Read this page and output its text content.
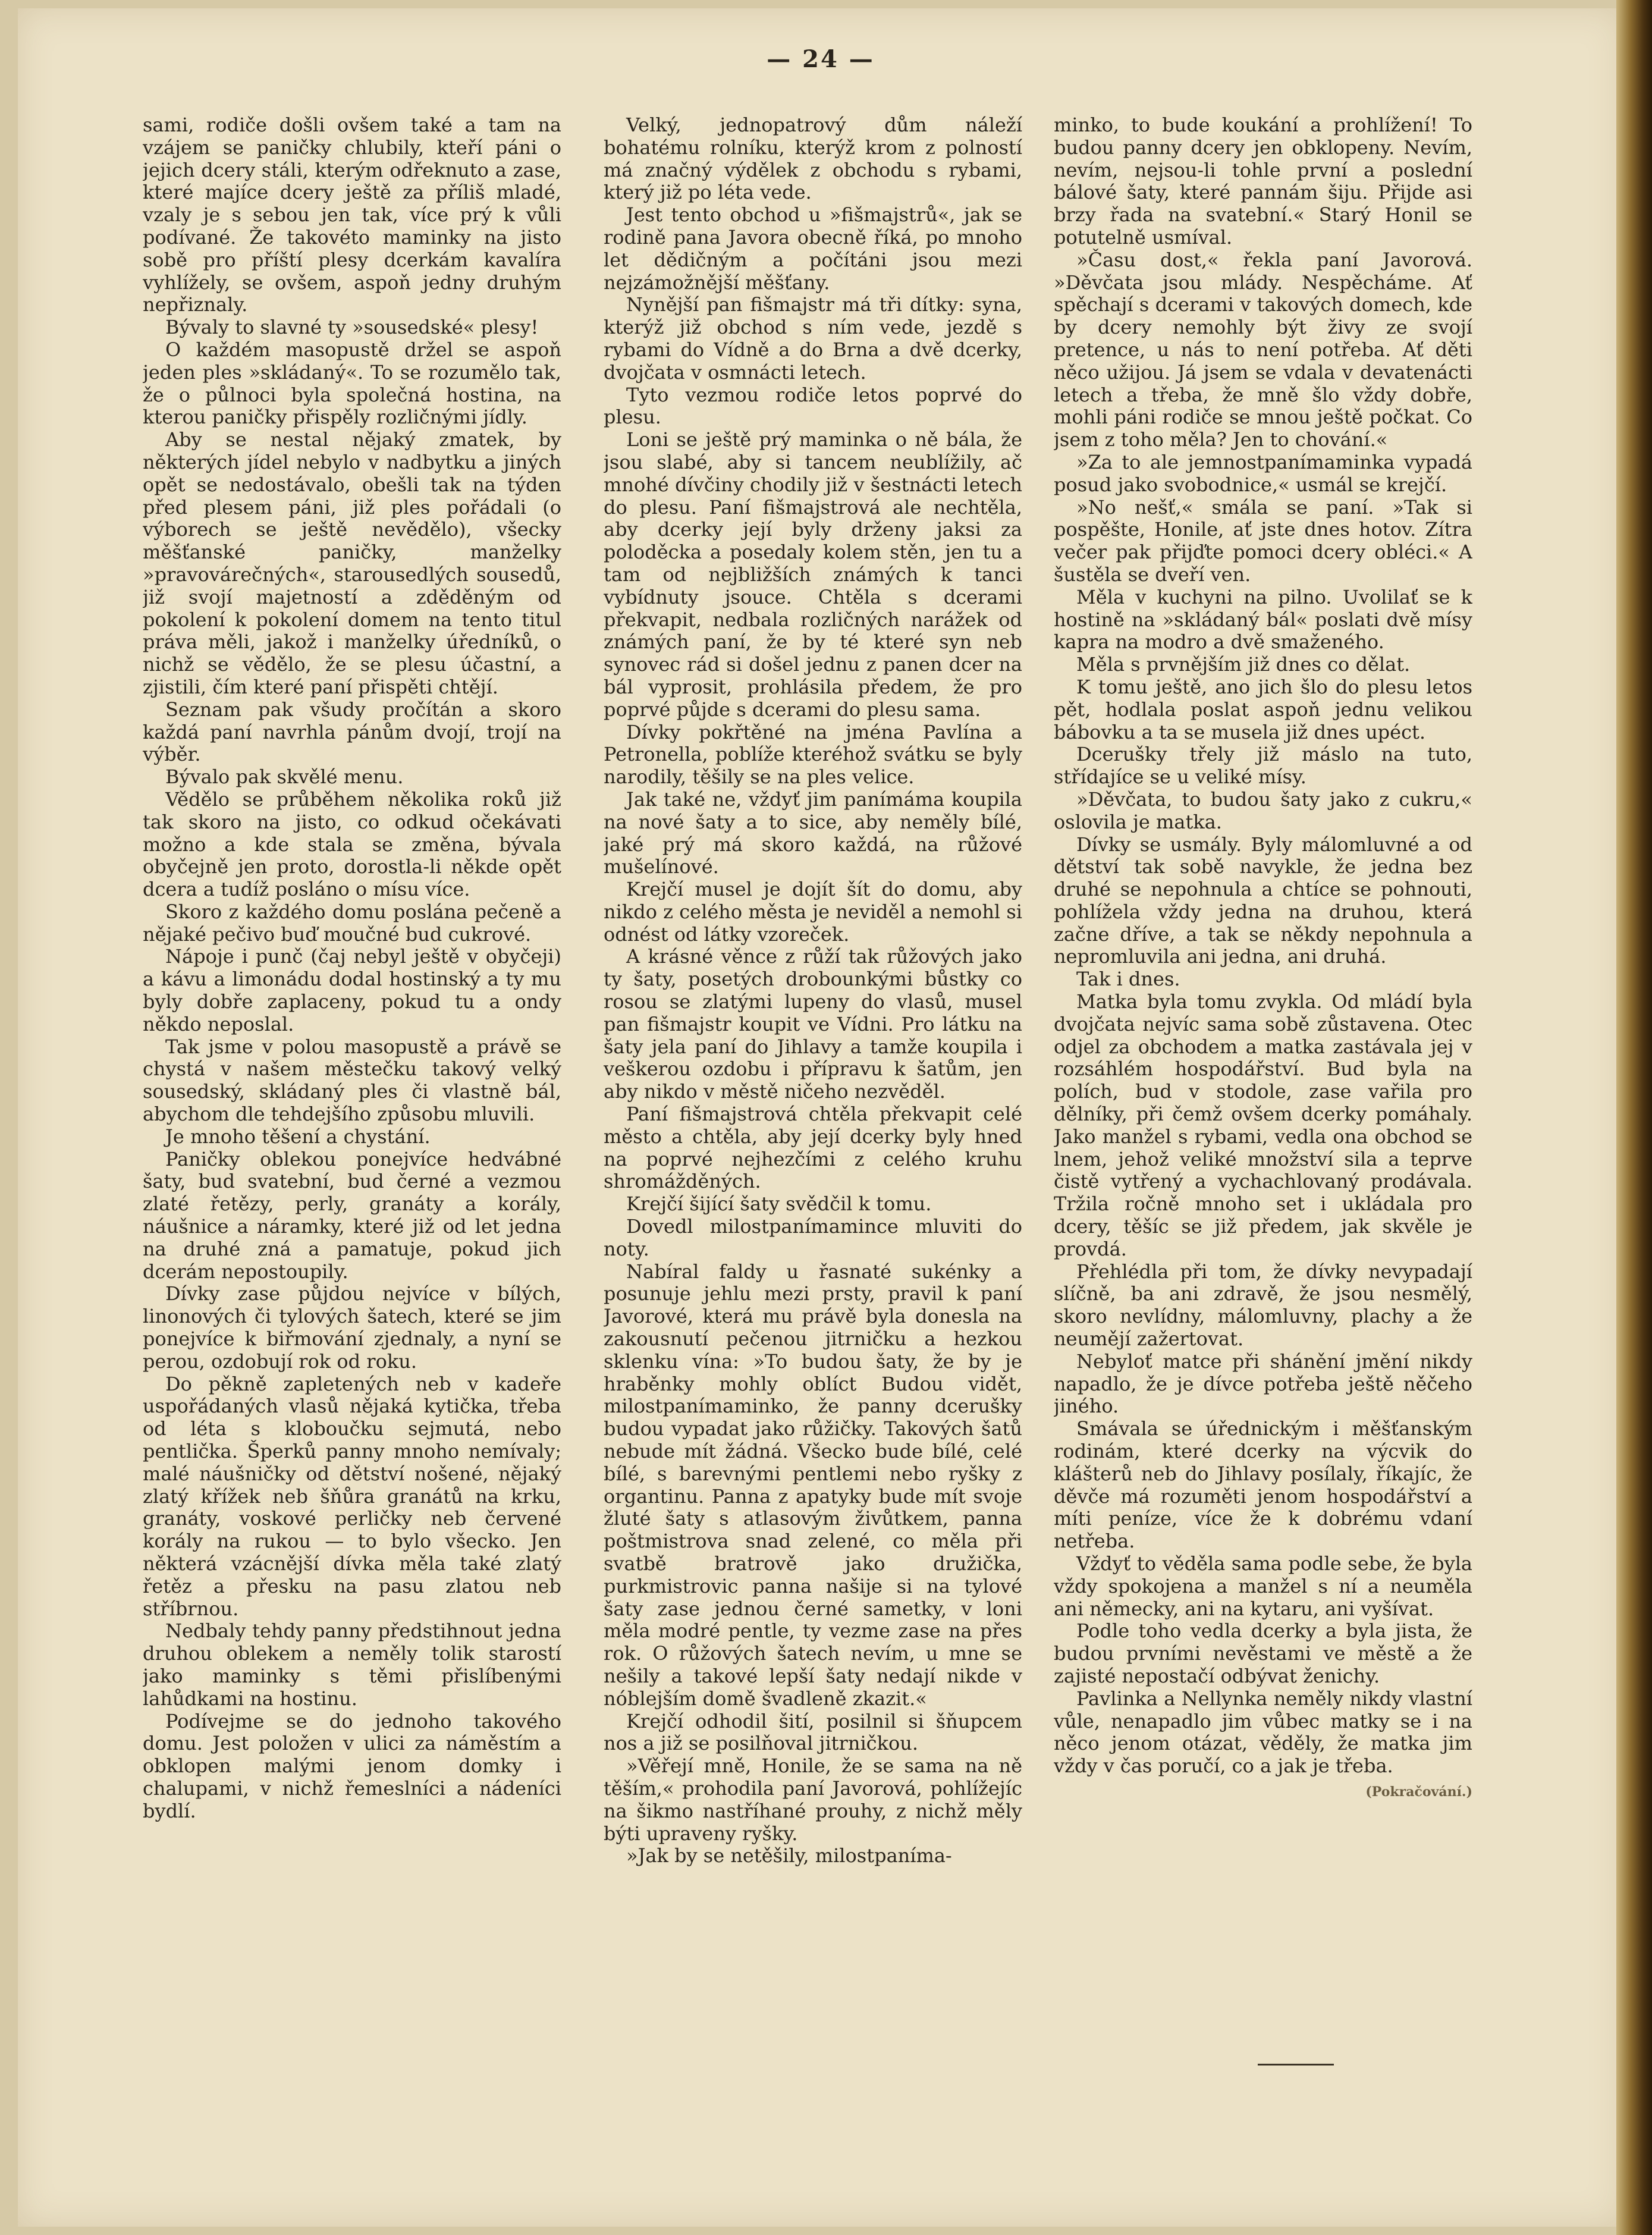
— 24 —

sami, rodiče došli ovšem také a tam na vzájem se paničky chlubily, kteří páni o jejich dcery stáli, kterým odřeknuto a zase, které majíce dcery ještě za příliš mladé, vzaly je s sebou jen tak, více prý k vůli podívané. Že takovéto maminky na jisto sobě pro příští plesy dcerkám kavalíra vyhlížely, se ovšem, aspoň jedny druhým nepřiznaly.

Bývaly to slavné ty »sousedské« plesy!

O každém masopustě držel se aspoň jeden ples »skládaný«. To se rozumělo tak, že o půlnoci byla společná hostina, na kterou paničky přispěly rozličnými jídly.

Aby se nestal nějaký zmatek, by některých jídel nebylo v nadbytku a jiných opět se nedostávalo, obešli tak na týden před plesem páni, již ples pořádali (o výborech se ještě nevědělo), všecky měšťanské paničky, manželky »pravovárečných«, starousedlých sousedů, již svojí majetností a zděděným od pokolení k pokolení domem na tento titul práva měli, jakož i manželky úředníků, o nichž se vědělo, že se plesu účastní, a zjistili, čím které paní přispěti chtějí.

Seznam pak všudy pročítán a skoro každá paní navrhla pánům dvojí, trojí na výběr.

Bývalo pak skvělé menu.

Vědělo se průběhem několika roků již tak skoro na jisto, co odkud očekávati možno a kde stala se změna, bývala obyčejně jen proto, dorostla-li někde opět dcera a tudíž posláno o mísu více.

Skoro z každého domu poslána pečeně a nějaké pečivo buď moučné bud cukrové.

Nápoje i punč (čaj nebyl ještě v obyčeji) a kávu a limonádu dodal hostinský a ty mu byly dobře zaplaceny, pokud tu a ondy někdo neposlal.

Tak jsme v polou masopustě a právě se chystá v našem městečku takový velký sousedský, skládaný ples či vlastně bál, abychom dle tehdejšího způsobu mluvili.

Je mnoho těšení a chystání.

Paničky oblekou ponejvíce hedvábné šaty, bud svatební, bud černé a vezmou zlaté řetězy, perly, granáty a korály, náušnice a náramky, které již od let jedna na druhé zná a pamatuje, pokud jich dcerám nepostoupily.

Dívky zase půjdou nejvíce v bílých, linonových či tylových šatech, které se jim ponejvíce k biřmování zjednaly, a nyní se perou, ozdobují rok od roku.

Do pěkně zapletených neb v kadeře uspořádaných vlasů nějaká kytička, třeba od léta s kloboučku sejmutá, nebo pentlička. Šperků panny mnoho nemívaly; malé náušničky od dětství nošené, nějaký zlatý křížek neb šňůra granátů na krku, granáty, voskové perličky neb červené korály na rukou — to bylo všecko. Jen některá vzácnější dívka měla také zlatý řetěz a přesku na pasu zlatou neb stříbrnou.

Nedbaly tehdy panny předstihnout jedna druhou oblekem a neměly tolik starostí jako maminky s těmi přislíbenými lahůdkami na hostinu.

Podívejme se do jednoho takového domu. Jest položen v ulici za náměstím a obklopen malými jenom domky i chalupami, v nichž řemeslníci a nádeníci bydlí.

Velký, jednopatrový dům náleží bohatému rolníku, kterýž krom z polností má značný výdělek z obchodu s rybami, který již po léta vede.

Jest tento obchod u »fišmajstrů«, jak se rodině pana Javora obecně říká, po mnoho let dědičným a počítáni jsou mezi nejzámožnější měšťany.

Nynější pan fišmajstr má tři dítky: syna, kterýž již obchod s ním vede, jezdě s rybami do Vídně a do Brna a dvě dcerky, dvojčata v osmnácti letech.

Tyto vezmou rodiče letos poprvé do plesu.

Loni se ještě prý maminka o ně bála, že jsou slabé, aby si tancem neublížily, ač mnohé dívčiny chodily již v šestnácti letech do plesu. Paní fišmajstrová ale nechtěla, aby dcerky její byly drženy jaksi za poloděcka a posedaly kolem stěn, jen tu a tam od nejbližších známých k tanci vybídnuty jsouce. Chtěla s dcerami překvapit, nedbala rozličných narážek od známých paní, že by té které syn neb synovec rád si došel jednu z panen dcer na bál vyprosit, prohlásila předem, že pro poprvé půjde s dcerami do plesu sama.

Dívky pokřtěné na jména Pavlína a Petronella, poblíže kteréhož svátku se byly narodily, těšily se na ples velice.

Jak také ne, vždyť jim panímáma koupila na nové šaty a to sice, aby neměly bílé, jaké prý má skoro každá, na růžové mušelínové.

Krejčí musel je dojít šít do domu, aby nikdo z celého města je neviděl a nemohl si odnést od látky vzoreček.

A krásné věnce z růží tak růžových jako ty šaty, posetých drobounkými bůstky co rosou se zlatými lupeny do vlasů, musel pan fišmajstr koupit ve Vídni. Pro látku na šaty jela paní do Jihlavy a tamže koupila i veškerou ozdobu i přípravu k šatům, jen aby nikdo v městě ničeho nezvěděl.

Paní fišmajstrová chtěla překvapit celé město a chtěla, aby její dcerky byly hned na poprvé nejhezčími z celého kruhu shromážděných.

Krejčí šijící šaty svědčil k tomu.

Dovedl milostpanímamince mluviti do noty.

Nabíral faldy u řasnaté sukénky a posunuje jehlu mezi prsty, pravil k paní Javorové, která mu právě byla donesla na zakousnutí pečenou jitrničku a hezkou sklenku vína: »To budou šaty, že by je hraběnky mohly oblíct Budou vidět, milostpanímaminko, že panny dcerušky budou vypadat jako růžičky. Takových šatů nebude mít žádná. Všecko bude bílé, celé bílé, s barevnými pentlemi nebo ryšky z organtinu. Panna z apatyky bude mít svoje žluté šaty s atlasovým živůtkem, panna poštmistrova snad zelené, co měla při svatbě bratrově jako družička, purkmistrovic panna našije si na tylové šaty zase jednou černé sametky, v loni měla modré pentle, ty vezme zase na přes rok. O růžových šatech nevím, u mne se nešily a takové lepší šaty nedají nikde v nóblejším domě švadleně zkazit.«

Krejčí odhodil šití, posilnil si šňupcem nos a již se posilňoval jitrničkou.

»Věřejí mně, Honile, že se sama na ně těším,« prohodila paní Javorová, pohlížejíc na šikmo nastříhané prouhy, z nichž měly býti upraveny ryšky.

»Jak by se netěšily, milostpaníma-

minko, to bude koukání a prohlížení! To budou panny dcery jen obklopeny. Nevím, nevím, nejsou-li tohle první a poslední bálové šaty, které pannám šiju. Přijde asi brzy řada na svatební.« Starý Honil se potutelně usmíval.

»Času dost,« řekla paní Javorová. »Děvčata jsou mlády. Nespěcháme. Ať spěchají s dcerami v takových domech, kde by dcery nemohly být živy ze svojí pretence, u nás to není potřeba. Ať děti něco užijou. Já jsem se vdala v devatenácti letech a třeba, že mně šlo vždy dobře, mohli páni rodiče se mnou ještě počkat. Co jsem z toho měla? Jen to chování.«

»Za to ale jemnostpanímaminka vypadá posud jako svobodnice,« usmál se krejčí.

»No nešť,« smála se paní. »Tak si pospěšte, Honile, ať jste dnes hotov. Zítra večer pak přijďte pomoci dcery obléci.« A šustěla se dveří ven.

Měla v kuchyni na pilno. Uvolilať se k hostině na »skládaný bál« poslati dvě mísy kapra na modro a dvě smaženého.

Měla s prvnějším již dnes co dělat.

K tomu ještě, ano jich šlo do plesu letos pět, hodlala poslat aspoň jednu velikou bábovku a ta se musela již dnes upéct.

Dcerušky třely již máslo na tuto, střídajíce se u veliké mísy.

»Děvčata, to budou šaty jako z cukru,« oslovila je matka.

Dívky se usmály. Byly málomluvné a od dětství tak sobě navykle, že jedna bez druhé se nepohnula a chtíce se pohnouti, pohlížela vždy jedna na druhou, která začne dříve, a tak se někdy nepohnula a nepromluvila ani jedna, ani druhá.

Tak i dnes.

Matka byla tomu zvykla. Od mládí byla dvojčata nejvíc sama sobě zůstavena. Otec odjel za obchodem a matka zastávala jej v rozsáhlém hospodářství. Bud byla na polích, bud v stodole, zase vařila pro dělníky, při čemž ovšem dcerky pomáhaly. Jako manžel s rybami, vedla ona obchod se lnem, jehož veliké množství sila a teprve čistě vytřený a vychachlovaný prodávala. Tržila ročně mnoho set i ukládala pro dcery, těšíc se již předem, jak skvěle je provdá.

Přehlédla při tom, že dívky nevypadají slíčně, ba ani zdravě, že jsou nesmělý, skoro nevlídny, málomluvny, plachy a že neumějí zažertovat.

Nebyloť matce při shánění jmění nikdy napadlo, že je dívce potřeba ještě něčeho jiného.

Smávala se úřednickým i měšťanským rodinám, které dcerky na výcvik do klášterů neb do Jihlavy posílaly, říkajíc, že děvče má rozuměti jenom hospodářství a míti peníze, více že k dobrému vdaní netřeba.

Vždyť to věděla sama podle sebe, že byla vždy spokojena a manžel s ní a neuměla ani německy, ani na kytaru, ani vyšívat.

Podle toho vedla dcerky a byla jista, že budou prvními nevěstami ve městě a že zajisté nepostačí odbývat ženichy.

Pavlinka a Nellynka neměly nikdy vlastní vůle, nenapadlo jim vůbec matky se i na něco jenom otázat, věděly, že matka jim vždy v čas poručí, co a jak je třeba.

(Pokračování.)
